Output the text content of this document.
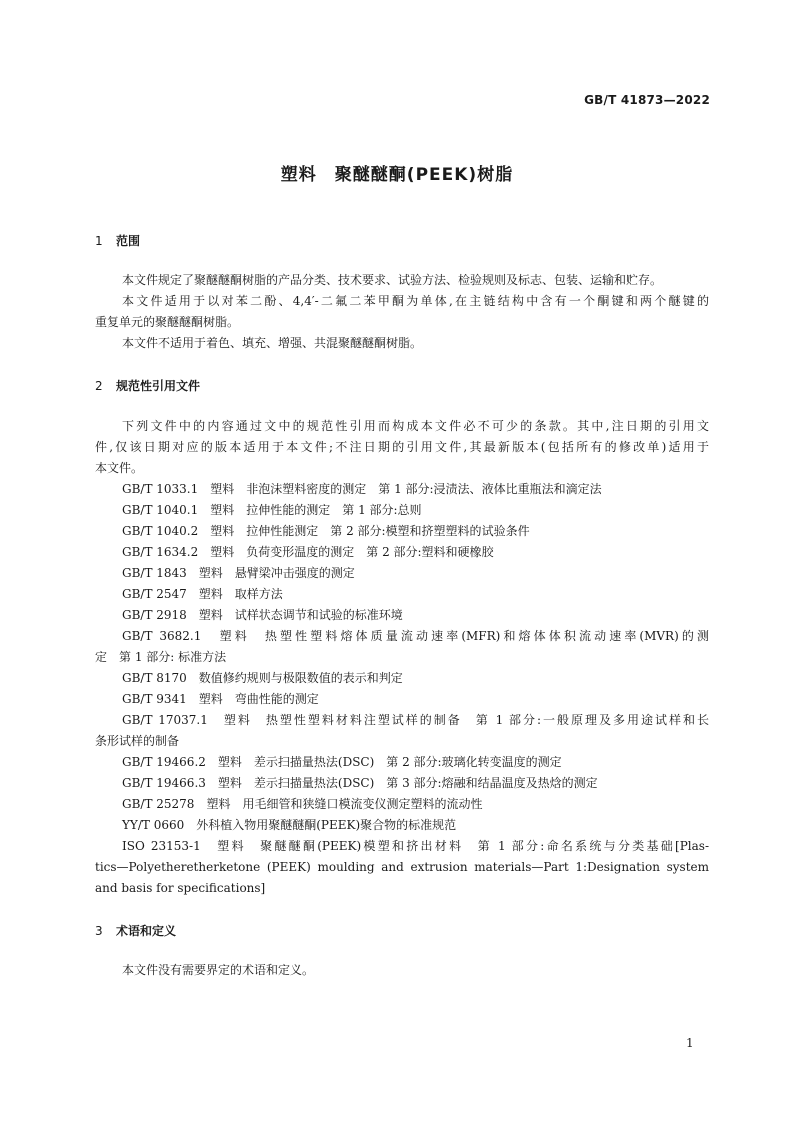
GB/T 41873—2022
塑料　聚醚醚酮(PEEK)树脂
1 范围
本文件规定了聚醚醚酮树脂的产品分类、技术要求、试验方法、检验规则及标志、包装、运输和贮存。
本文件适用于以对苯二酚、4,4′-二氟二苯甲酮为单体,在主链结构中含有一个酮键和两个醚键的
重复单元的聚醚醚酮树脂。
本文件不适用于着色、填充、增强、共混聚醚醚酮树脂。
2 规范性引用文件
下列文件中的内容通过文中的规范性引用而构成本文件必不可少的条款。其中,注日期的引用文
件,仅该日期对应的版本适用于本文件;不注日期的引用文件,其最新版本(包括所有的修改单)适用于
本文件。
GB/T 1033.1　塑料　非泡沫塑料密度的测定　第 1 部分:浸渍法、液体比重瓶法和滴定法
GB/T 1040.1　塑料　拉伸性能的测定　第 1 部分:总则
GB/T 1040.2　塑料　拉伸性能测定　第 2 部分:模塑和挤塑塑料的试验条件
GB/T 1634.2　塑料　负荷变形温度的测定　第 2 部分:塑料和硬橡胶
GB/T 1843　塑料　悬臂梁冲击强度的测定
GB/T 2547　塑料　取样方法
GB/T 2918　塑料　试样状态调节和试验的标准环境
GB/T 3682.1　塑料　热塑性塑料熔体质量流动速率(MFR)和熔体体积流动速率(MVR)的测
定　第 1 部分: 标准方法
GB/T 8170　数值修约规则与极限数值的表示和判定
GB/T 9341　塑料　弯曲性能的测定
GB/T 17037.1　塑料　热塑性塑料材料注塑试样的制备　第 1 部分:一般原理及多用途试样和长
条形试样的制备
GB/T 19466.2　塑料　差示扫描量热法(DSC)　第 2 部分:玻璃化转变温度的测定
GB/T 19466.3　塑料　差示扫描量热法(DSC)　第 3 部分:熔融和结晶温度及热焓的测定
GB/T 25278　塑料　用毛细管和狭缝口模流变仪测定塑料的流动性
YY/T 0660　外科植入物用聚醚醚酮(PEEK)聚合物的标准规范
ISO 23153-1　塑料　聚醚醚酮(PEEK)模塑和挤出材料　第 1 部分:命名系统与分类基础[Plas-
tics—Polyetheretherketone (PEEK) moulding and extrusion materials—Part 1:Designation system
and basis for specifications]
3 术语和定义
本文件没有需要界定的术语和定义。
1
